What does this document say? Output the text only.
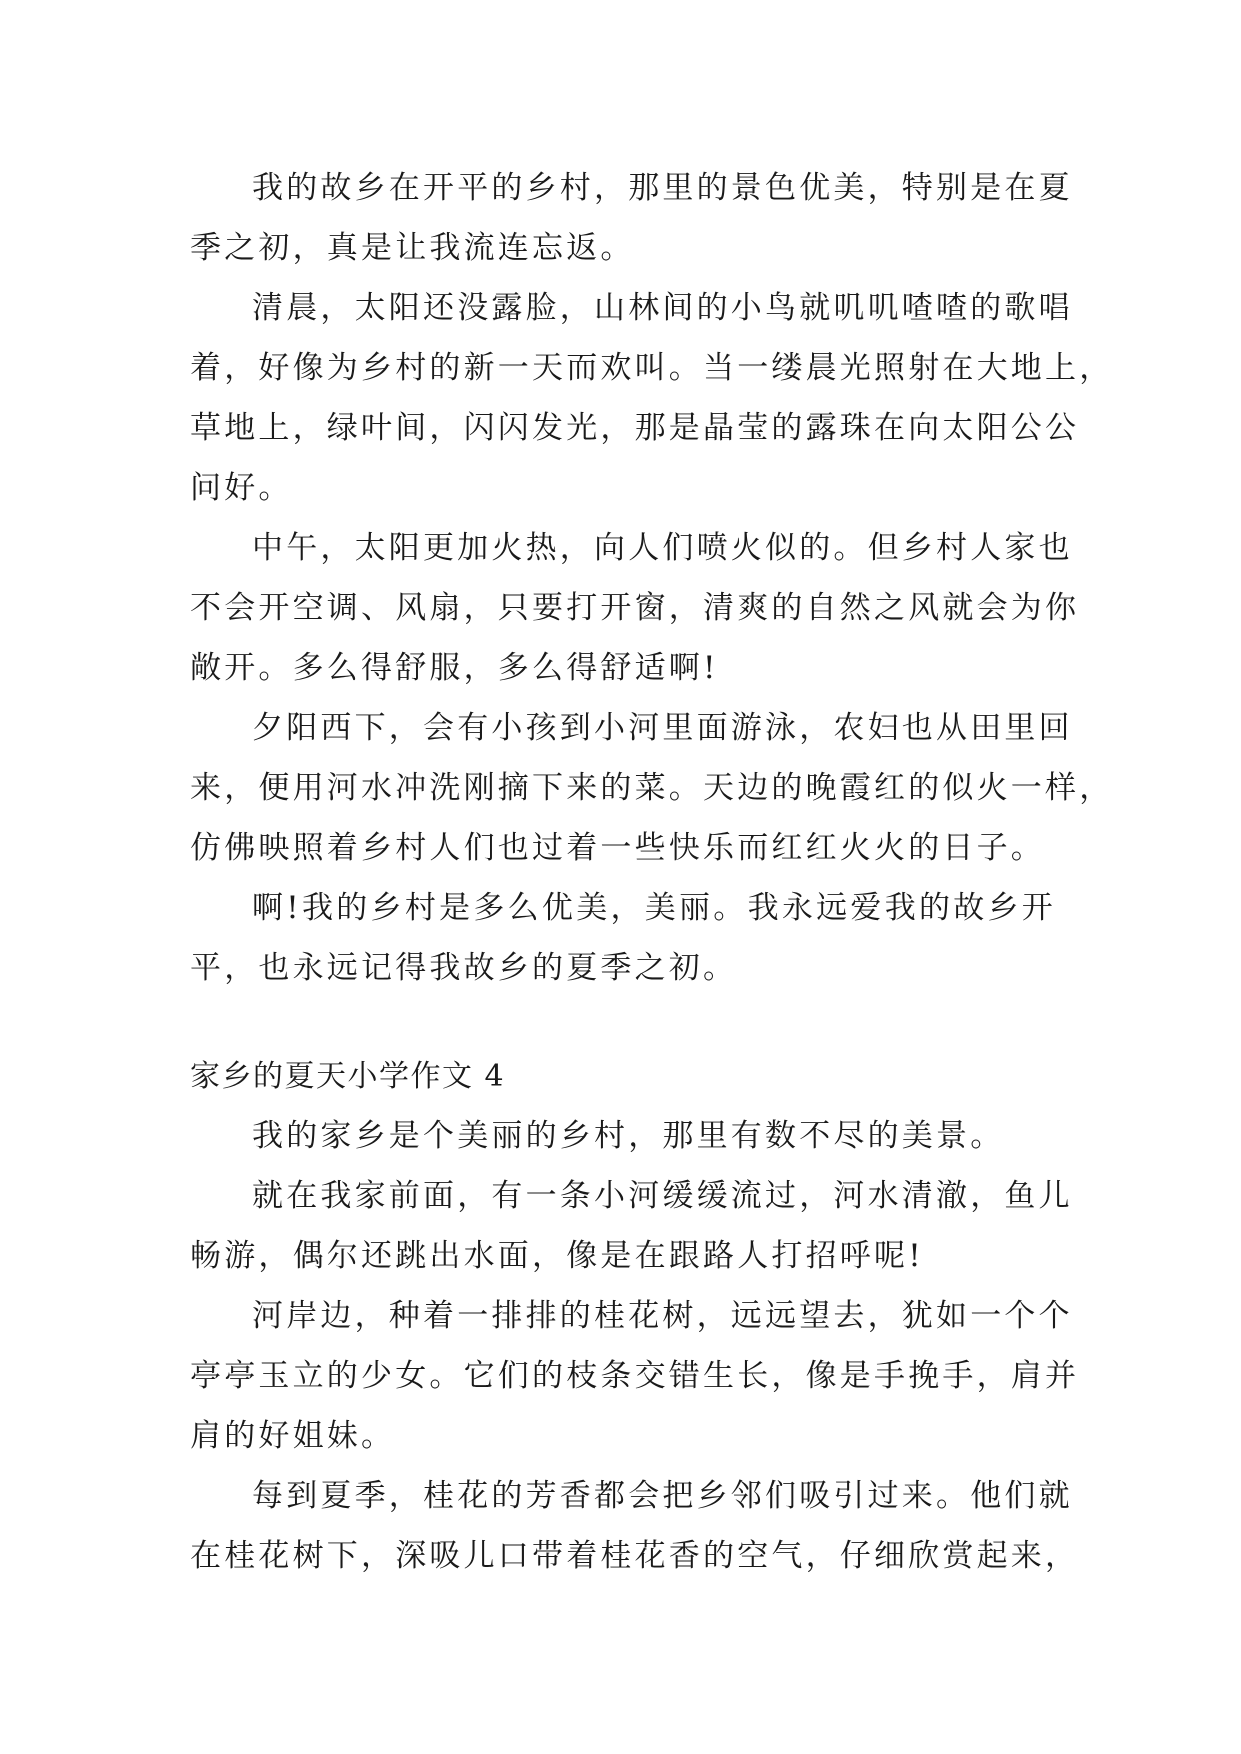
我的故乡在开平的乡村，那里的景色优美，特别是在夏
季之初，真是让我流连忘返。
清晨，太阳还没露脸，山林间的小鸟就叽叽喳喳的歌唱
着，好像为乡村的新一天而欢叫。当一缕晨光照射在大地上，
草地上，绿叶间，闪闪发光，那是晶莹的露珠在向太阳公公
问好。
中午，太阳更加火热，向人们喷火似的。但乡村人家也
不会开空调、风扇，只要打开窗，清爽的自然之风就会为你
敞开。多么得舒服，多么得舒适啊!
夕阳西下，会有小孩到小河里面游泳，农妇也从田里回
来，便用河水冲洗刚摘下来的菜。天边的晚霞红的似火一样，
仿佛映照着乡村人们也过着一些快乐而红红火火的日子。
啊!我的乡村是多么优美，美丽。我永远爱我的故乡开
平，也永远记得我故乡的夏季之初。
家乡的夏天小学作文 4
我的家乡是个美丽的乡村，那里有数不尽的美景。
就在我家前面，有一条小河缓缓流过，河水清澈，鱼儿
畅游，偶尔还跳出水面，像是在跟路人打招呼呢!
河岸边，种着一排排的桂花树，远远望去，犹如一个个
亭亭玉立的少女。它们的枝条交错生长，像是手挽手，肩并
肩的好姐妹。
每到夏季，桂花的芳香都会把乡邻们吸引过来。他们就
在桂花树下，深吸儿口带着桂花香的空气，仔细欣赏起来，
